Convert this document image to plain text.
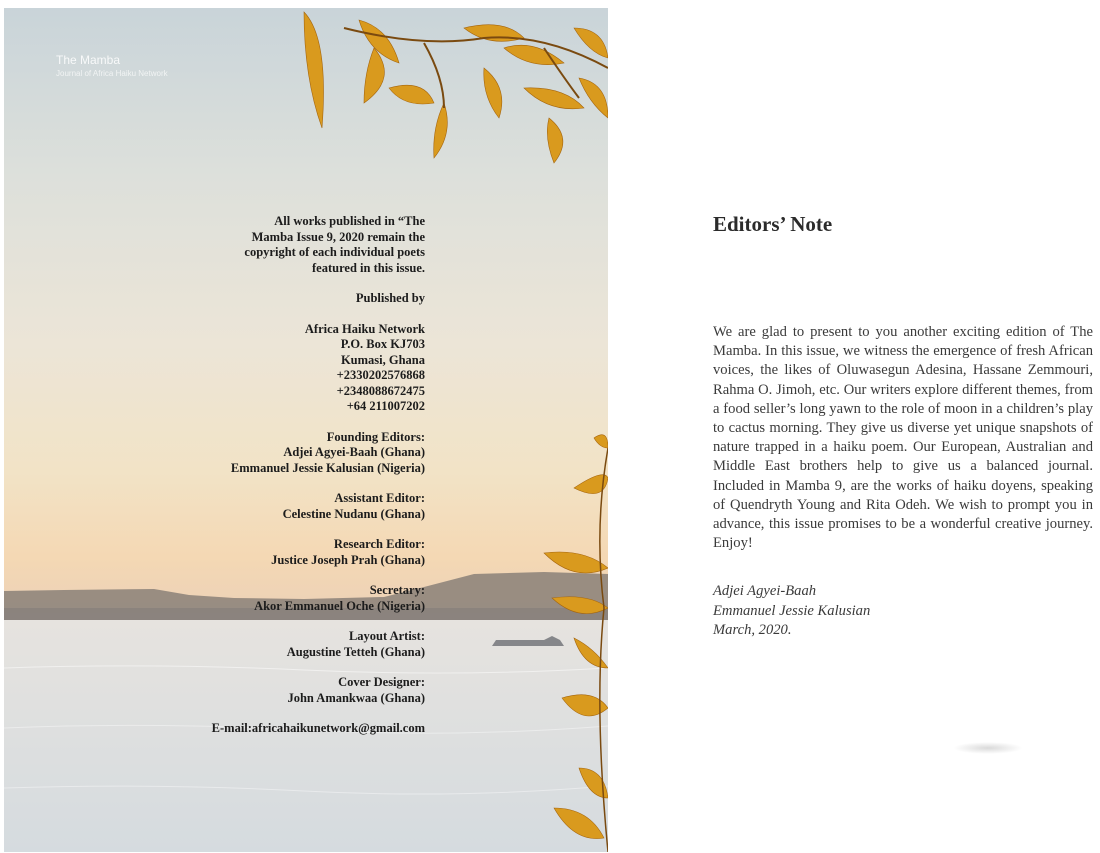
The Mamba
Journal of Africa Haiku Network
All works published in “The
Mamba Issue 9, 2020 remain the
copyright of each individual poets
featured in this issue.
Published by
Africa Haiku Network
P.O. Box KJ703
Kumasi, Ghana
+2330202576868
+2348088672475
+64 211007202
Founding Editors:
Adjei Agyei-Baah (Ghana)
Emmanuel Jessie Kalusian (Nigeria)
Assistant Editor:
Celestine Nudanu (Ghana)
Research Editor:
Justice Joseph Prah (Ghana)
Secretary:
Akor Emmanuel Oche (Nigeria)
Layout Artist:
Augustine Tetteh (Ghana)
Cover Designer:
John Amankwaa (Ghana)
E-mail:africahaikunetwork@gmail.com
Editors’ Note

We are glad to present to you another exciting edition of The Mamba. In this issue, we witness the emergence of fresh African voices, the likes of Oluwasegun Adesina, Hassane Zemmouri, Rahma O. Jimoh, etc. Our writers explore different themes, from a food seller’s long yawn to the role of moon in a children’s play to cactus morning. They give us diverse yet unique snapshots of nature trapped in a haiku poem. Our European, Australian and Middle East brothers help to give us a balanced journal. Included in Mamba 9, are the works of haiku doyens, speaking of Quendryth Young and Rita Odeh. We wish to prompt you in advance, this issue promises to be a wonderful creative journey. Enjoy!

Adjei Agyei-Baah
Emmanuel Jessie Kalusian
March, 2020.
